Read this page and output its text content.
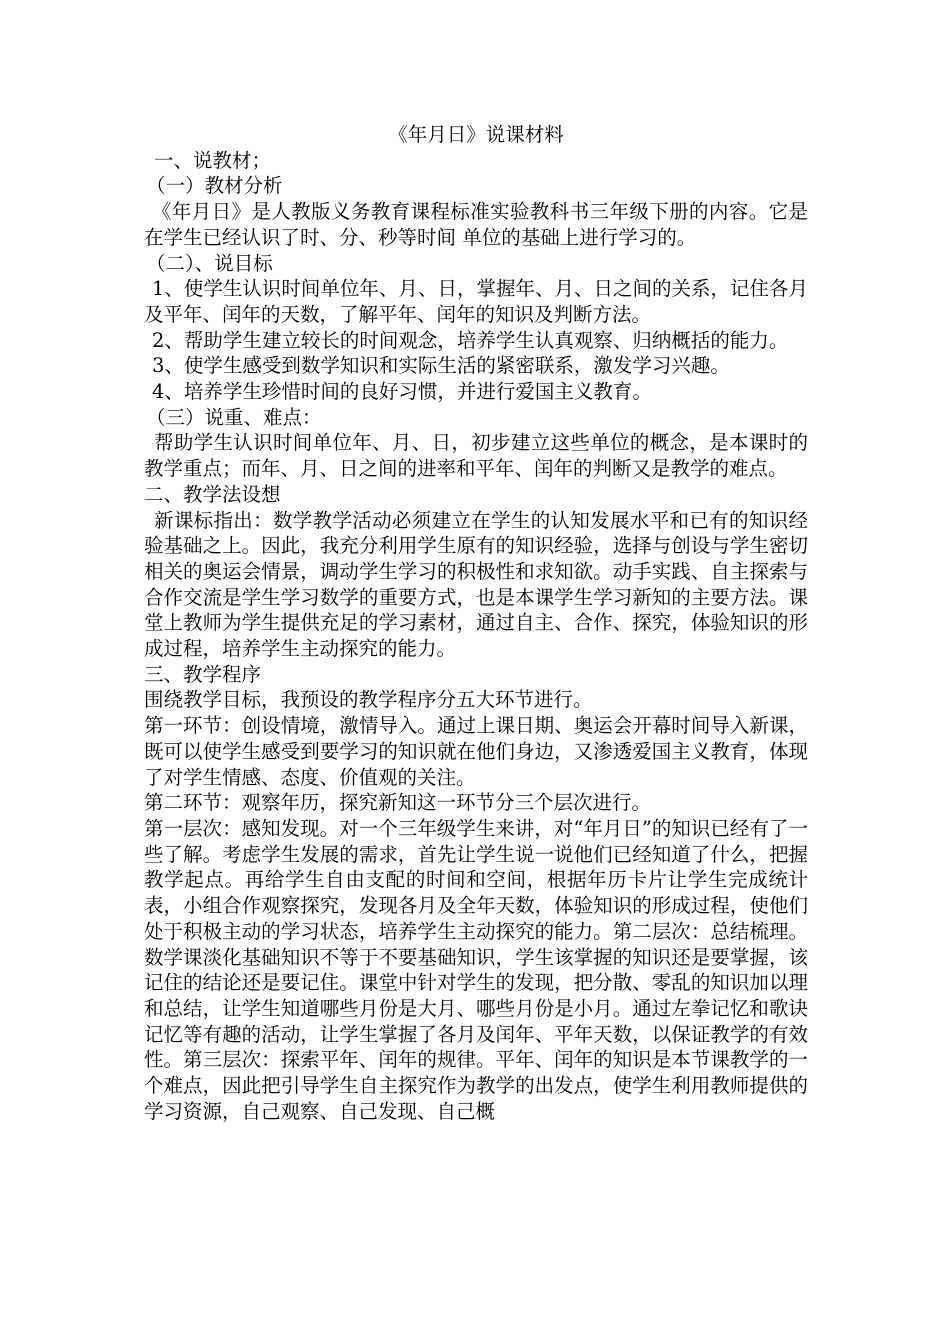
《年月日》说课材料

一、说教材；

（一）教材分析

《年月日》是人教版义务教育课程标准实验教科书三年级下册的内容。它是在学生已经认识了时、分、秒等时间 单位的基础上进行学习的。

（二）、说目标

1、使学生认识时间单位年、月、日，掌握年、月、日之间的关系，记住各月及平年、闰年的天数，了解平年、闰年的知识及判断方法。

2、帮助学生建立较长的时间观念，培养学生认真观察、归纳概括的能力。

3、使学生感受到数学知识和实际生活的紧密联系，激发学习兴趣。

4、培养学生珍惜时间的良好习惯，并进行爱国主义教育。

（三）说重、难点：

帮助学生认识时间单位年、月、日，初步建立这些单位的概念，是本课时的教学重点；而年、月、日之间的进率和平年、闰年的判断又是教学的难点。

二、教学法设想

新课标指出：数学教学活动必须建立在学生的认知发展水平和已有的知识经验基础之上。因此，我充分利用学生原有的知识经验，选择与创设与学生密切相关的奥运会情景，调动学生学习的积极性和求知欲。动手实践、自主探索与合作交流是学生学习数学的重要方式，也是本课学生学习新知的主要方法。课堂上教师为学生提供充足的学习素材，通过自主、合作、探究，体验知识的形成过程，培养学生主动探究的能力。

三、教学程序

围绕教学目标，我预设的教学程序分五大环节进行。

第一环节：创设情境，激情导入。通过上课日期、奥运会开幕时间导入新课，既可以使学生感受到要学习的知识就在他们身边，又渗透爱国主义教育，体现了对学生情感、态度、价值观的关注。

第二环节：观察年历，探究新知这一环节分三个层次进行。

第一层次：感知发现。对一个三年级学生来讲，对“年月日”的知识已经有了一些了解。考虑学生发展的需求，首先让学生说一说他们已经知道了什么，把握教学起点。再给学生自由支配的时间和空间，根据年历卡片让学生完成统计表，小组合作观察探究，发现各月及全年天数，体验知识的形成过程，使他们处于积极主动的学习状态，培养学生主动探究的能力。第二层次：总结梳理。数学课淡化基础知识不等于不要基础知识，学生该掌握的知识还是要掌握，该记住的结论还是要记住。课堂中针对学生的发现，把分散、零乱的知识加以理和总结，让学生知道哪些月份是大月、哪些月份是小月。通过左拳记忆和歌诀记忆等有趣的活动，让学生掌握了各月及闰年、平年天数，以保证教学的有效性。第三层次：探索平年、闰年的规律。平年、闰年的知识是本节课教学的一个难点，因此把引导学生自主探究作为教学的出发点，使学生利用教师提供的学习资源，自己观察、自己发现、自己概
